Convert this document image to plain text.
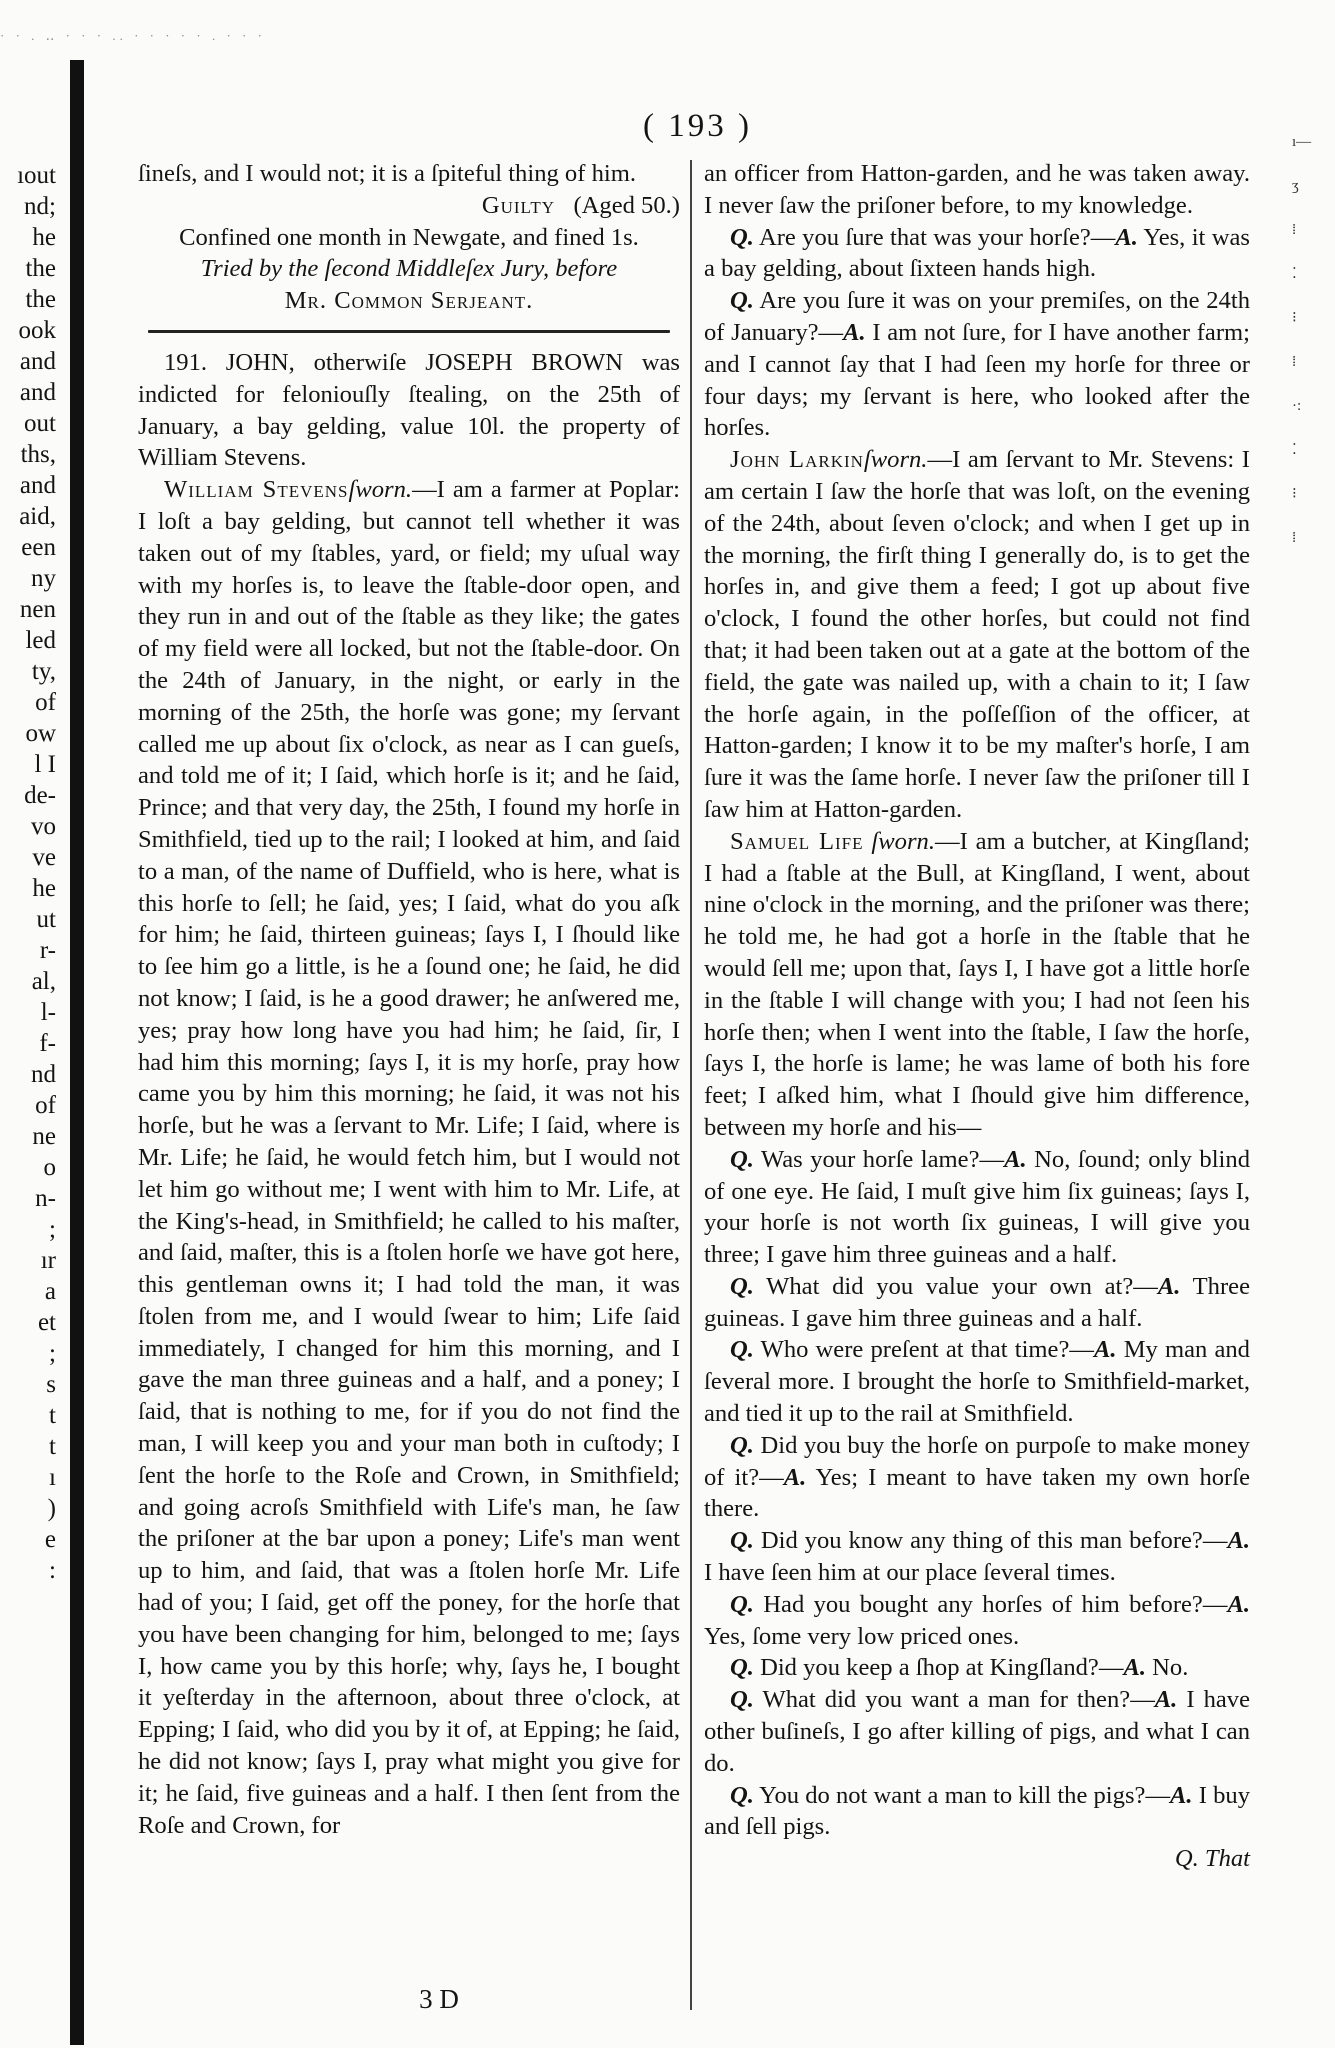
· · . ‥ · · · .. · · · · · . · · ·
ıout
nd;
he
the
the
ook
and
and
out
ths,
and
aid,
een
ny
nen
led
ty,
of
ow
l I
de-
vo
ve
he
ut
r-
al,
l-
f-
nd
of
ne
o
n-
;
ır
a
et
;
s
t
t
ı
)
e
:
( 193 )

ſineſs, and I would not; it is a ſpiteful thing of him.

Guilty (Aged 50.)

Confined one month in Newgate, and fined 1s.

Tried by the ſecond Middleſex Jury, before

Mr. Common Serjeant.

191. JOHN, otherwiſe JOSEPH BROWN was indicted for feloniouſly ſtealing, on the 25th of January, a bay gelding, value 10l. the property of William Stevens.

William Stevensſworn.—I am a farmer at Poplar: I loſt a bay gelding, but cannot tell whether it was taken out of my ſtables, yard, or field; my uſual way with my horſes is, to leave the ſtable-door open, and they run in and out of the ſtable as they like; the gates of my field were all locked, but not the ſtable-door. On the 24th of January, in the night, or early in the morning of the 25th, the horſe was gone; my ſervant called me up about ſix o'clock, as near as I can gueſs, and told me of it; I ſaid, which horſe is it; and he ſaid, Prince; and that very day, the 25th, I found my horſe in Smithfield, tied up to the rail; I looked at him, and ſaid to a man, of the name of Duffield, who is here, what is this horſe to ſell; he ſaid, yes; I ſaid, what do you aſk for him; he ſaid, thirteen guineas; ſays I, I ſhould like to ſee him go a little, is he a ſound one; he ſaid, he did not know; I ſaid, is he a good drawer; he anſwered me, yes; pray how long have you had him; he ſaid, ſir, I had him this morning; ſays I, it is my horſe, pray how came you by him this morning; he ſaid, it was not his horſe, but he was a ſervant to Mr. Life; I ſaid, where is Mr. Life; he ſaid, he would fetch him, but I would not let him go without me; I went with him to Mr. Life, at the King's-head, in Smithfield; he called to his maſter, and ſaid, maſter, this is a ſtolen horſe we have got here, this gentleman owns it; I had told the man, it was ſtolen from me, and I would ſwear to him; Life ſaid immediately, I changed for him this morning, and I gave the man three guineas and a half, and a poney; I ſaid, that is nothing to me, for if you do not find the man, I will keep you and your man both in cuſtody; I ſent the horſe to the Roſe and Crown, in Smithfield; and going acroſs Smithfield with Life's man, he ſaw the priſoner at the bar upon a poney; Life's man went up to him, and ſaid, that was a ſtolen horſe Mr. Life had of you; I ſaid, get off the poney, for the horſe that you have been changing for him, belonged to me; ſays I, how came you by this horſe; why, ſays he, I bought it yeſterday in the afternoon, about three o'clock, at Epping; I ſaid, who did you by it of, at Epping; he ſaid, he did not know; ſays I, pray what might you give for it; he ſaid, five guineas and a half. I then ſent from the Roſe and Crown, for

an officer from Hatton-garden, and he was taken away. I never ſaw the priſoner before, to my knowledge.

Q. Are you ſure that was your horſe?—A. Yes, it was a bay gelding, about ſixteen hands high.

Q. Are you ſure it was on your premiſes, on the 24th of January?—A. I am not ſure, for I have another farm; and I cannot ſay that I had ſeen my horſe for three or four days; my ſervant is here, who looked after the horſes.

John Larkinſworn.—I am ſervant to Mr. Stevens: I am certain I ſaw the horſe that was loſt, on the evening of the 24th, about ſeven o'clock; and when I get up in the morning, the firſt thing I generally do, is to get the horſes in, and give them a feed; I got up about five o'clock, I found the other horſes, but could not find that; it had been taken out at a gate at the bottom of the field, the gate was nailed up, with a chain to it; I ſaw the horſe again, in the poſſeſſion of the officer, at Hatton-garden; I know it to be my maſter's horſe, I am ſure it was the ſame horſe. I never ſaw the priſoner till I ſaw him at Hatton-garden.

Samuel Life ſworn.—I am a butcher, at Kingſland; I had a ſtable at the Bull, at Kingſland, I went, about nine o'clock in the morning, and the priſoner was there; he told me, he had got a horſe in the ſtable that he would ſell me; upon that, ſays I, I have got a little horſe in the ſtable I will change with you; I had not ſeen his horſe then; when I went into the ſtable, I ſaw the horſe, ſays I, the horſe is lame; he was lame of both his fore feet; I aſked him, what I ſhould give him difference, between my horſe and his—

Q. Was your horſe lame?—A. No, ſound; only blind of one eye. He ſaid, I muſt give him ſix guineas; ſays I, your horſe is not worth ſix guineas, I will give you three; I gave him three guineas and a half.

Q. What did you value your own at?—A. Three guineas. I gave him three guineas and a half.

Q. Who were preſent at that time?—A. My man and ſeveral more. I brought the horſe to Smithfield-market, and tied it up to the rail at Smithfield.

Q. Did you buy the horſe on purpoſe to make money of it?—A. Yes; I meant to have taken my own horſe there.

Q. Did you know any thing of this man before?—A. I have ſeen him at our place ſeveral times.

Q. Had you bought any horſes of him before?—A. Yes, ſome very low priced ones.

Q. Did you keep a ſhop at Kingſland?—A. No.

Q. What did you want a man for then?—A. I have other buſineſs, I go after killing of pigs, and what I can do.

Q. You do not want a man to kill the pigs?—A. I buy and ſell pigs.

Q. That

3 D
ı—
ʒ
⁞
⁚
⁝
⁞
·:
⁚
⁝
⁞
